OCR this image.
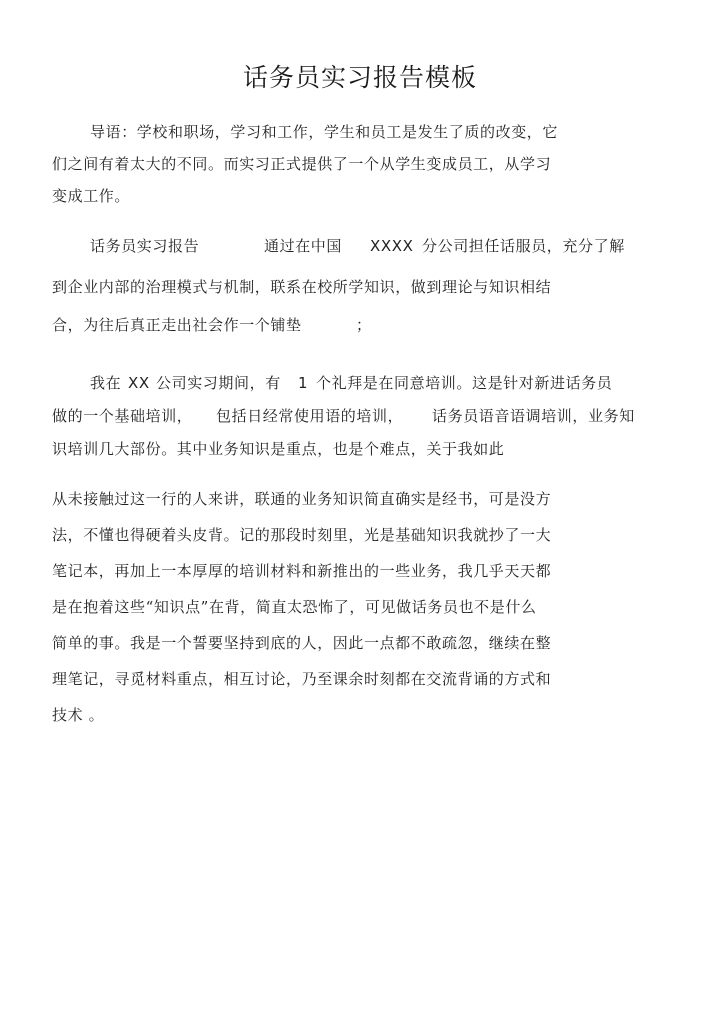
话务员实习报告模板
导语：学校和职场，学习和工作，学生和员工是发生了质的改变，它
们之间有着太大的不同。而实习正式提供了一个从学生变成员工，从学习
变成工作。
话务员实习报告	通过在中国 XXXX 分公司担任话服员，充分了解
到企业内部的治理模式与机制，联系在校所学知识，做到理论与知识相结
合，为往后真正走出社会作一个铺垫	；
我在 XX 公司实习期间，有 1 个礼拜是在同意培训。这是针对新进话务员
做的一个基础培训， 包括日经常使用语的培训， 话务员语音语调培训，业务知
识培训几大部份。其中业务知识是重点，也是个难点，关于我如此
从未接触过这一行的人来讲，联通的业务知识简直确实是经书，可是没方
法，不懂也得硬着头皮背。记的那段时刻里，光是基础知识我就抄了一大
笔记本，再加上一本厚厚的培训材料和新推出的一些业务，我几乎天天都
是在抱着这些“知识点”在背，简直太恐怖了，可见做话务员也不是什么
简单的事。我是一个誓要坚持到底的人，因此一点都不敢疏忽，继续在整
理笔记，寻觅材料重点，相互讨论，乃至课余时刻都在交流背诵的方式和
技术 。
